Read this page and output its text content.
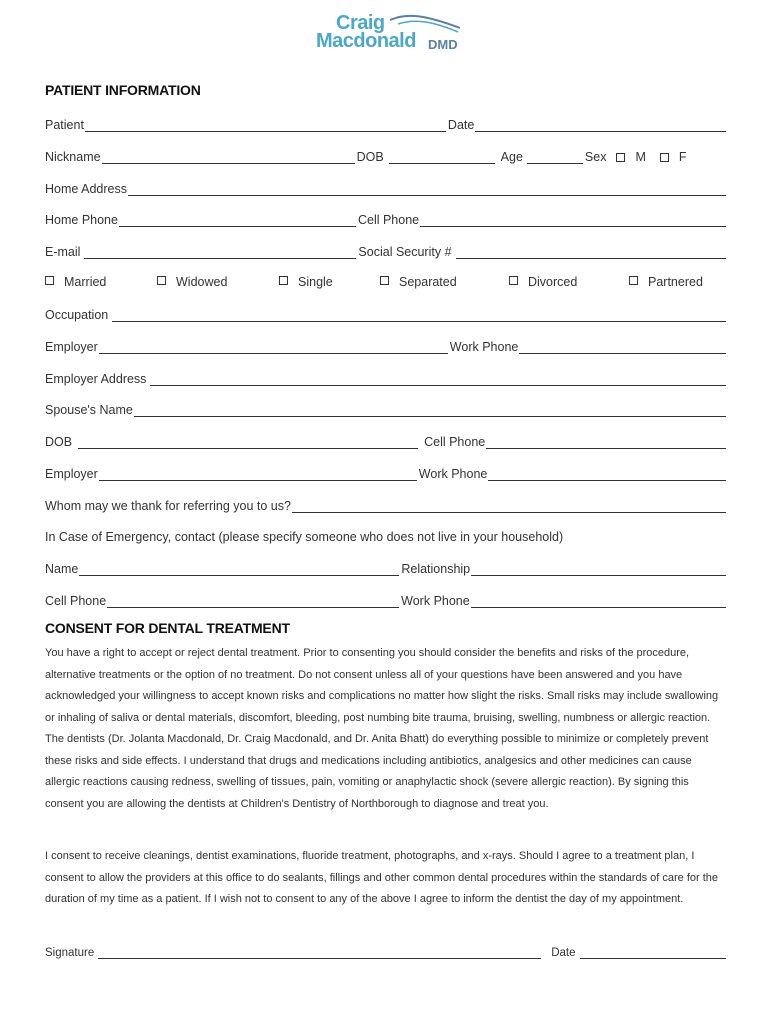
Craig
Macdonald DMD
PATIENT INFORMATION
Patient	Date
Nickname	DOB	Age	Sex M	F
Home Address
Home Phone	Cell Phone
E-mail	Social Security #
Married	Widowed	Single	Separated	Divorced	Partnered
Occupation
Employer	Work Phone
Employer Address
Spouse's Name
DOB	Cell Phone
Employer	Work Phone
Whom may we thank for referring you to us?
In Case of Emergency, contact (please specify someone who does not live in your household)
Name	Relationship
Cell Phone	Work Phone
CONSENT FOR DENTAL TREATMENT

You have a right to accept or reject dental treatment. Prior to consenting you should consider the benefits and risks of the procedure, alternative treatments or the option of no treatment. Do not consent unless all of your questions have been answered and you have acknowledged your willingness to accept known risks and complications no matter how slight the risks. Small risks may include swallowing or inhaling of saliva or dental materials, discomfort, bleeding, post numbing bite trauma, bruising, swelling, numbness or allergic reaction. The dentists (Dr. Jolanta Macdonald, Dr. Craig Macdonald, and Dr. Anita Bhatt) do everything possible to minimize or completely prevent these risks and side effects. I understand that drugs and medications including antibiotics, analgesics and other medicines can cause allergic reactions causing redness, swelling of tissues, pain, vomiting or anaphylactic shock (severe allergic reaction). By signing this consent you are allowing the dentists at Children's Dentistry of Northborough to diagnose and treat you.

I consent to receive cleanings, dentist examinations, fluoride treatment, photographs, and x-rays. Should I agree to a treatment plan, I consent to allow the providers at this office to do sealants, fillings and other common dental procedures within the standards of care for the duration of my time as a patient. If I wish not to consent to any of the above I agree to inform the dentist the day of my appointment.

Signature	Date
